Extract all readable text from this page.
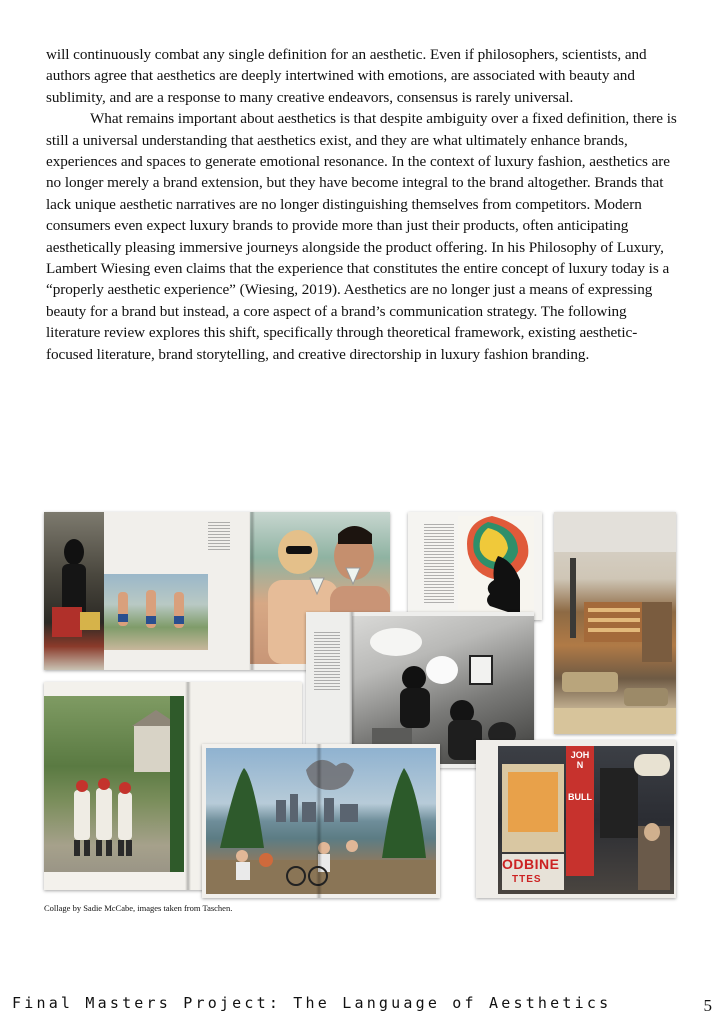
will continuously combat any single definition for an aesthetic. Even if philosophers, scientists, and authors agree that aesthetics are deeply intertwined with emotions, are associated with beauty and sublimity, and are a response to many creative endeavors, consensus is rarely universal.

What remains important about aesthetics is that despite ambiguity over a fixed definition, there is still a universal understanding that aesthetics exist, and they are what ultimately enhance brands, experiences and spaces to generate emotional resonance. In the context of luxury fashion, aesthetics are no longer merely a brand extension, but they have become integral to the brand altogether. Brands that lack unique aesthetic narratives are no longer distinguishing themselves from competitors. Modern consumers even expect luxury brands to provide more than just their products, often anticipating aesthetically pleasing immersive journeys alongside the product offering. In his Philosophy of Luxury, Lambert Wiesing even claims that the experience that constitutes the entire concept of luxury today is a “properly aesthetic experience” (Wiesing, 2019). Aesthetics are no longer just a means of expressing beauty for a brand but instead, a core aspect of a brand’s communication strategy. The following literature review explores this shift, specifically through theoretical framework, existing aesthetic-focused literature, brand storytelling, and creative directorship in luxury fashion branding.

JOHN
BULL
ODBINE
TTES
Collage by Sadie McCabe, images taken from Taschen.
Final Masters Project: The Language of Aesthetics	5
